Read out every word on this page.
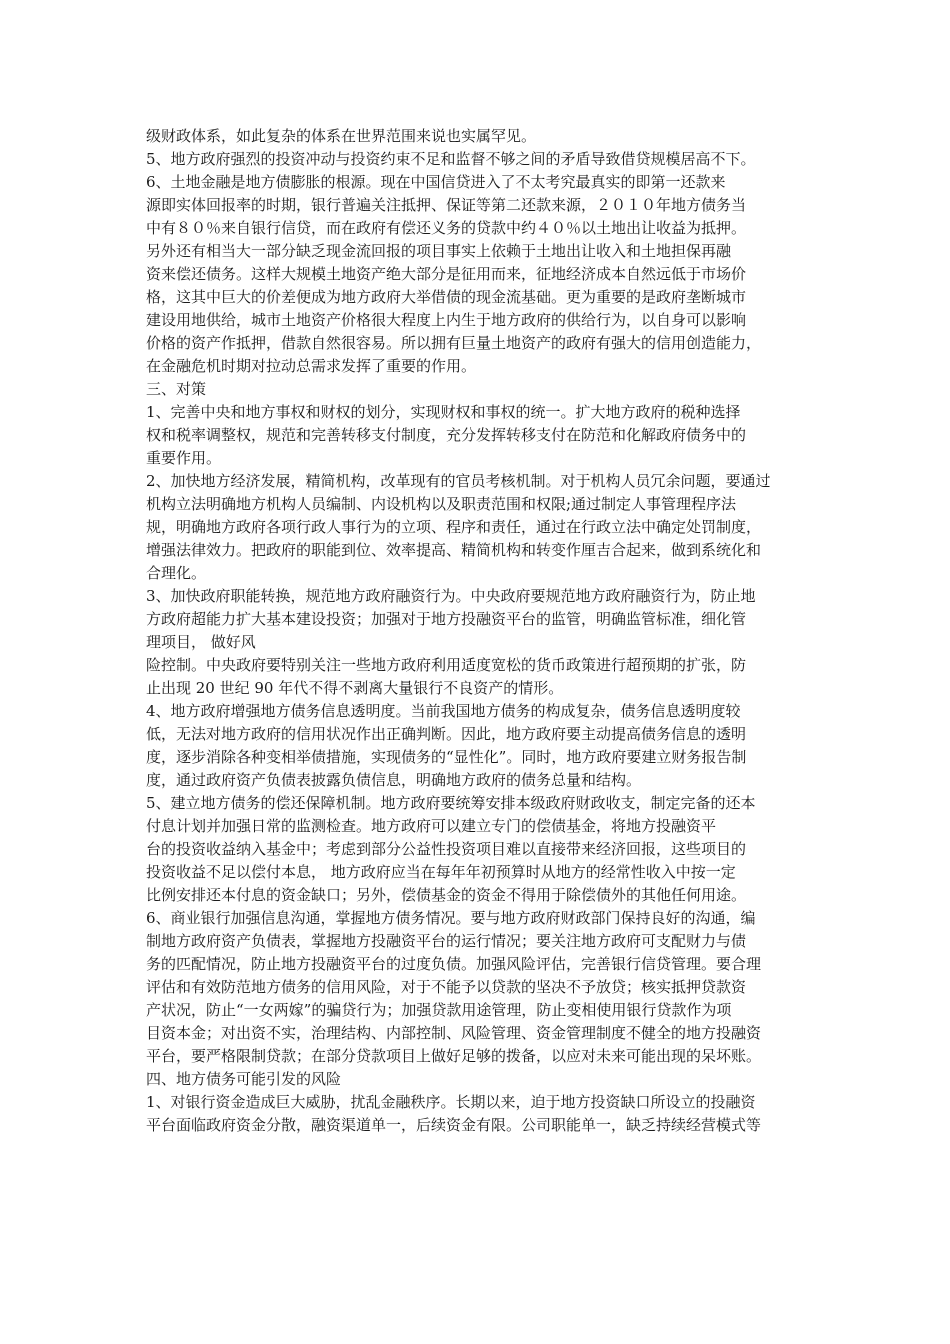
级财政体系，如此复杂的体系在世界范围来说也实属罕见。
5、地方政府强烈的投资冲动与投资约束不足和监督不够之间的矛盾导致借贷规模居高不下。
6、土地金融是地方债膨胀的根源。现在中国信贷进入了不太考究最真实的即第一还款来
源即实体回报率的时期，银行普遍关注抵押、保证等第二还款来源，２０１０年地方债务当
中有８０％来自银行信贷，而在政府有偿还义务的贷款中约４０％以土地出让收益为抵押。
另外还有相当大一部分缺乏现金流回报的项目事实上依赖于土地出让收入和土地担保再融
资来偿还债务。这样大规模土地资产绝大部分是征用而来，征地经济成本自然远低于市场价
格，这其中巨大的价差便成为地方政府大举借债的现金流基础。更为重要的是政府垄断城市
建设用地供给，城市土地资产价格很大程度上内生于地方政府的供给行为，以自身可以影响
价格的资产作抵押，借款自然很容易。所以拥有巨量土地资产的政府有强大的信用创造能力，
在金融危机时期对拉动总需求发挥了重要的作用。
三、对策
1、完善中央和地方事权和财权的划分，实现财权和事权的统一。扩大地方政府的税种选择
权和税率调整权，规范和完善转移支付制度，充分发挥转移支付在防范和化解政府债务中的
重要作用。
2、加快地方经济发展，精简机构，改革现有的官员考核机制。对于机构人员冗余问题，要通过
机构立法明确地方机构人员编制、内设机构以及职责范围和权限;通过制定人事管理程序法
规，明确地方政府各项行政人事行为的立项、程序和责任，通过在行政立法中确定处罚制度，
增强法律效力。把政府的职能到位、效率提高、精简机构和转变作厘吉合起来，做到系统化和
合理化。
3、加快政府职能转换，规范地方政府融资行为。中央政府要规范地方政府融资行为，防止地
方政府超能力扩大基本建设投资；加强对于地方投融资平台的监管，明确监管标准，细化管
理项目， 做好风
险控制。中央政府要特别关注一些地方政府利用适度宽松的货币政策进行超预期的扩张，防
止出现 20 世纪 90 年代不得不剥离大量银行不良资产的情形。
4、地方政府增强地方债务信息透明度。当前我国地方债务的构成复杂，债务信息透明度较
低，无法对地方政府的信用状况作出正确判断。因此，地方政府要主动提高债务信息的透明
度，逐步消除各种变相举债措施，实现债务的“显性化”。同时，地方政府要建立财务报告制
度，通过政府资产负债表披露负债信息，明确地方政府的债务总量和结构。
5、建立地方债务的偿还保障机制。地方政府要统筹安排本级政府财政收支，制定完备的还本
付息计划并加强日常的监测检查。地方政府可以建立专门的偿债基金，将地方投融资平
台的投资收益纳入基金中；考虑到部分公益性投资项目难以直接带来经济回报，这些项目的
投资收益不足以偿付本息， 地方政府应当在每年年初预算时从地方的经常性收入中按一定
比例安排还本付息的资金缺口；另外，偿债基金的资金不得用于除偿债外的其他任何用途。
6、商业银行加强信息沟通，掌握地方债务情况。要与地方政府财政部门保持良好的沟通，编
制地方政府资产负债表，掌握地方投融资平台的运行情况；要关注地方政府可支配财力与债
务的匹配情况，防止地方投融资平台的过度负债。加强风险评估，完善银行信贷管理。要合理
评估和有效防范地方债务的信用风险，对于不能予以贷款的坚决不予放贷；核实抵押贷款资
产状况，防止“一女两嫁”的骗贷行为；加强贷款用途管理，防止变相使用银行贷款作为项
目资本金；对出资不实，治理结构、内部控制、风险管理、资金管理制度不健全的地方投融资
平台，要严格限制贷款；在部分贷款项目上做好足够的拨备，以应对未来可能出现的呆坏账。
四、地方债务可能引发的风险
1、对银行资金造成巨大威胁，扰乱金融秩序。长期以来，迫于地方投资缺口所设立的投融资
平台面临政府资金分散，融资渠道单一，后续资金有限。公司职能单一，缺乏持续经营模式等
